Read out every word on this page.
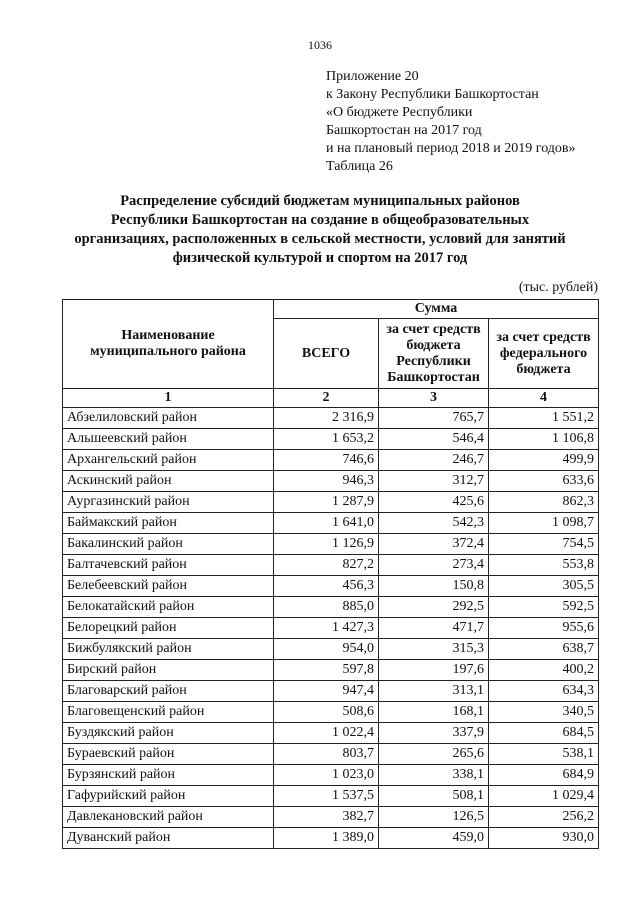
1036
Приложение 20
к Закону Республики Башкортостан
«О бюджете Республики
Башкортостан на 2017 год
и на плановый период 2018 и 2019 годов»
Таблица 26
Распределение субсидий бюджетам муниципальных районов
Республики Башкортостан на создание в общеобразовательных
организациях, расположенных в сельской местности, условий для занятий
физической культурой и спортом на 2017 год
(тыс. рублей)
Наименование муниципального района	Сумма		
	ВСЕГО	за счет средств бюджета Республики Башкортостан	за счет средств федерального бюджета
1	2	3	4
Абзелиловский район	2 316,9	765,7	1 551,2
Альшеевский район	1 653,2	546,4	1 106,8
Архангельский район	746,6	246,7	499,9
Аскинский район	946,3	312,7	633,6
Аургазинский район	1 287,9	425,6	862,3
Баймакский район	1 641,0	542,3	1 098,7
Бакалинский район	1 126,9	372,4	754,5
Балтачевский район	827,2	273,4	553,8
Белебеевский район	456,3	150,8	305,5
Белокатайский район	885,0	292,5	592,5
Белорецкий район	1 427,3	471,7	955,6
Бижбулякский район	954,0	315,3	638,7
Бирский район	597,8	197,6	400,2
Благоварский район	947,4	313,1	634,3
Благовещенский район	508,6	168,1	340,5
Буздякский район	1 022,4	337,9	684,5
Бураевский район	803,7	265,6	538,1
Бурзянский район	1 023,0	338,1	684,9
Гафурийский район	1 537,5	508,1	1 029,4
Давлекановский район	382,7	126,5	256,2
Дуванский район	1 389,0	459,0	930,0
